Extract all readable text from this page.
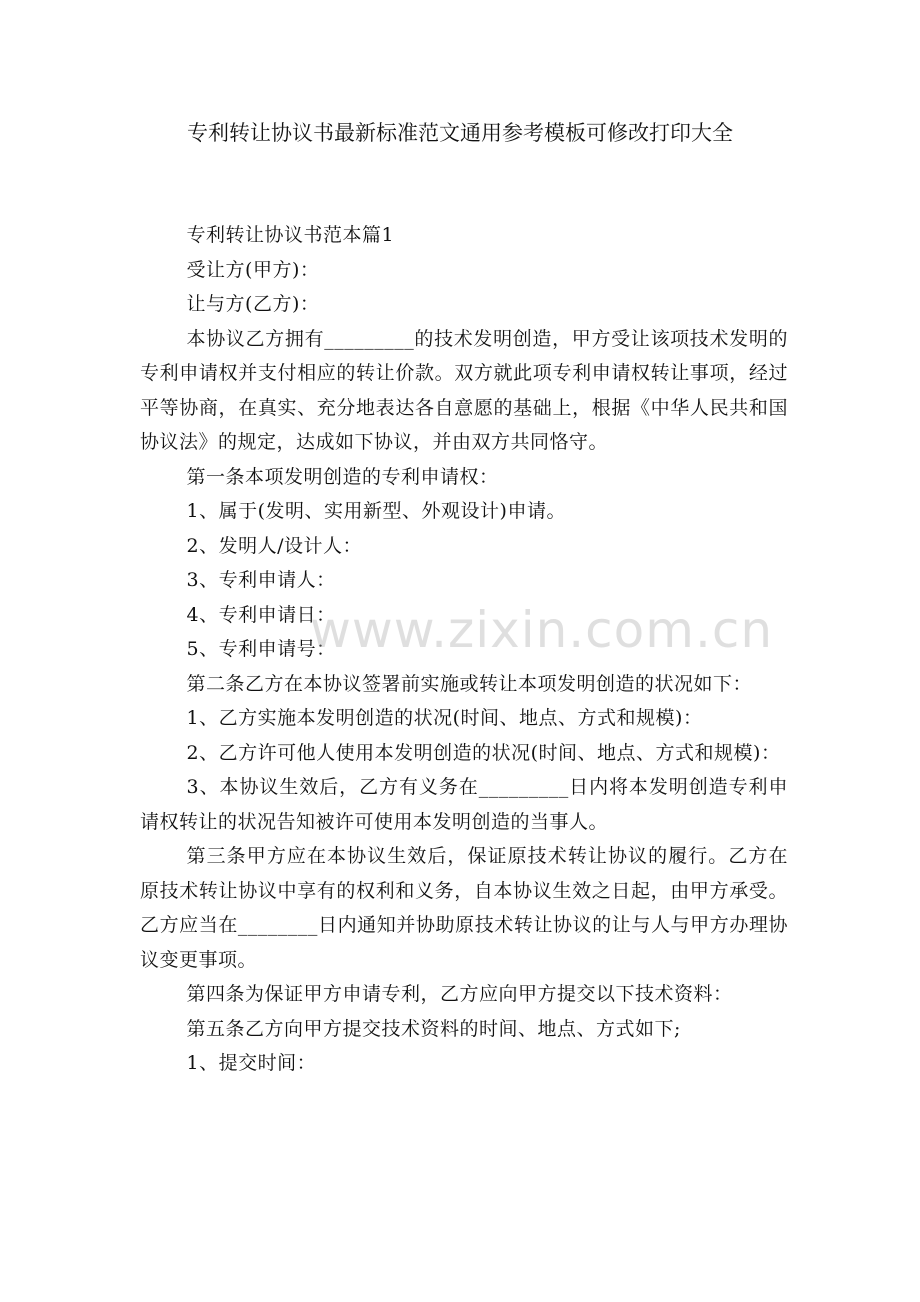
专利转让协议书最新标准范文通用参考模板可修改打印大全

专利转让协议书范本篇1

受让方(甲方)：

让与方(乙方)：

本协议乙方拥有_________的技术发明创造，甲方受让该项技术发明的专利申请权并支付相应的转让价款。双方就此项专利申请权转让事项，经过平等协商，在真实、充分地表达各自意愿的基础上，根据《中华人民共和国协议法》的规定，达成如下协议，并由双方共同恪守。

第一条本项发明创造的专利申请权：

1、属于(发明、实用新型、外观设计)申请。

2、发明人/设计人：

3、专利申请人：

4、专利申请日：

5、专利申请号：

第二条乙方在本协议签署前实施或转让本项发明创造的状况如下：

1、乙方实施本发明创造的状况(时间、地点、方式和规模)：

2、乙方许可他人使用本发明创造的状况(时间、地点、方式和规模)：

3、本协议生效后，乙方有义务在_________日内将本发明创造专利申请权转让的状况告知被许可使用本发明创造的当事人。

第三条甲方应在本协议生效后，保证原技术转让协议的履行。乙方在原技术转让协议中享有的权利和义务，自本协议生效之日起，由甲方承受。乙方应当在________日内通知并协助原技术转让协议的让与人与甲方办理协议变更事项。

第四条为保证甲方申请专利，乙方应向甲方提交以下技术资料：

第五条乙方向甲方提交技术资料的时间、地点、方式如下;

1、提交时间：

www.zixin.com.cn
